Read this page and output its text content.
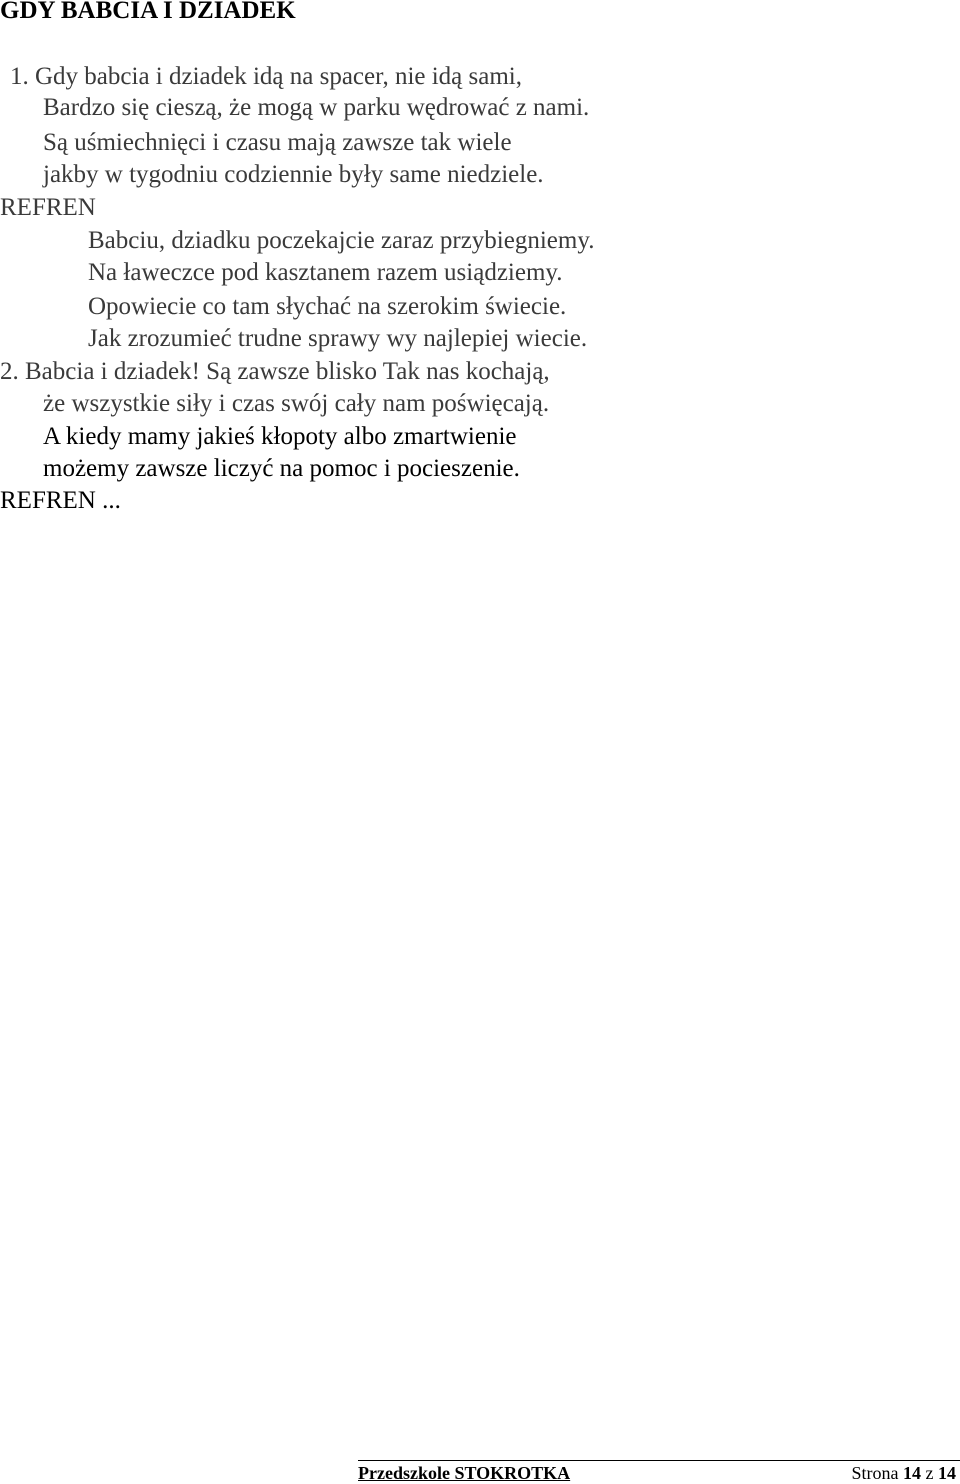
GDY BABCIA I DZIADEK
1. Gdy babcia i dziadek idą na spacer, nie idą sami,
Bardzo się cieszą, że mogą w parku wędrować z nami.
Są uśmiechnięci i czasu mają zawsze tak wiele
jakby w tygodniu codziennie były same niedziele.
REFREN
Babciu, dziadku poczekajcie zaraz przybiegniemy.
Na ławeczce pod kasztanem razem usiądziemy.
Opowiecie co tam słychać na szerokim świecie.
Jak zrozumieć trudne sprawy wy najlepiej wiecie.
2. Babcia i dziadek! Są zawsze blisko Tak nas kochają,
że wszystkie siły i czas swój cały nam poświęcają.
A kiedy mamy jakieś kłopoty albo zmartwienie
możemy zawsze liczyć na pomoc i pocieszenie.
REFREN ...
Przedszkole STOKROTKA	Strona 14 z 14
